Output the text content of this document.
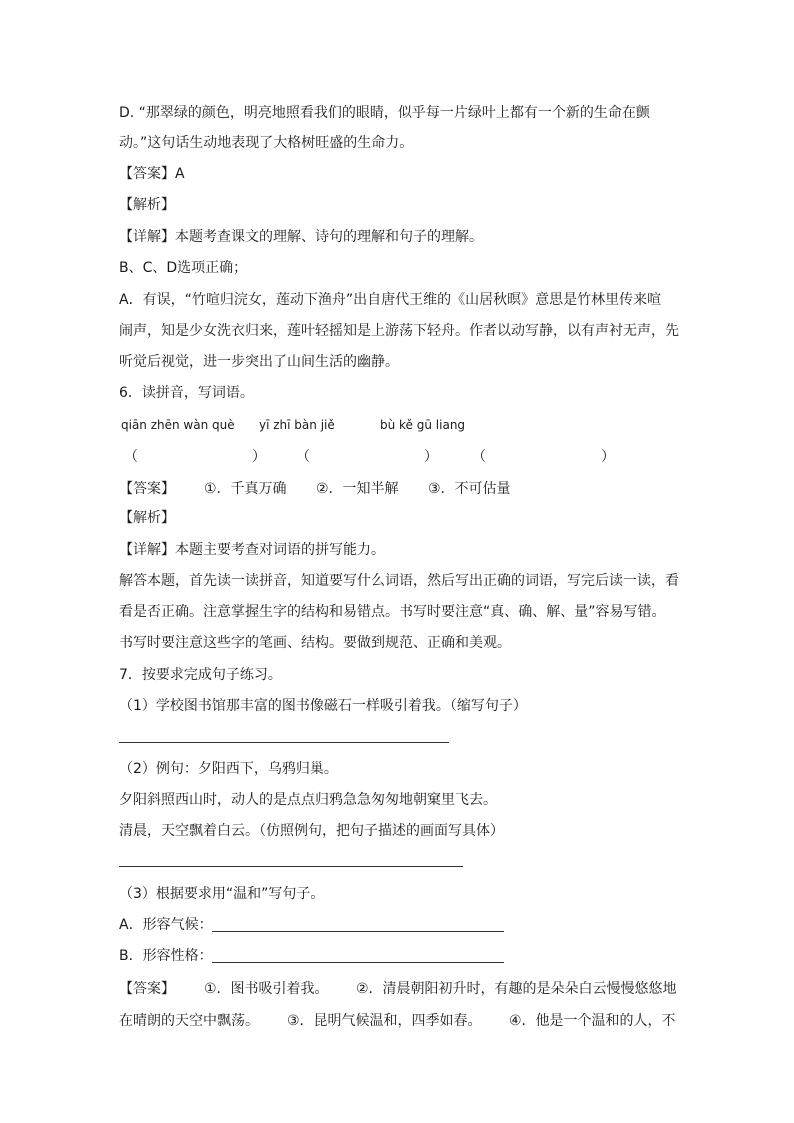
D. “那翠绿的颜色，明亮地照看我们的眼睛，似乎每一片绿叶上都有一个新的生命在颤
动。”这句话生动地表现了大格树旺盛的生命力。
【答案】A
【解析】
【详解】本题考查课文的理解、诗句的理解和句子的理解。
B、C、D选项正确；
A．有误，“竹喧归浣女，莲动下渔舟”出自唐代王维的《山居秋暝》意思是竹林里传来喧
闹声，知是少女洗衣归来，莲叶轻摇知是上游荡下轻舟。作者以动写静，以有声衬无声，先
听觉后视觉，进一步突出了山间生活的幽静。
6．读拼音，写词语。
qiān zhēn wàn què yī zhī bàn jiě	bù kě gū liang
（	） （	） （	）
【答案】 ①．千真万确 ②．一知半解 ③．不可估量
【解析】
【详解】本题主要考查对词语的拼写能力。
解答本题，首先读一读拼音，知道要写什么词语，然后写出正确的词语，写完后读一读，看
看是否正确。注意掌握生字的结构和易错点。书写时要注意“真、确、解、量”容易写错。
书写时要注意这些字的笔画、结构。要做到规范、正确和美观。
7．按要求完成句子练习。
（1）学校图书馆那丰富的图书像磁石一样吸引着我。（缩写句子）
（2）例句：夕阳西下，乌鸦归巢。
夕阳斜照西山时，动人的是点点归鸦急急匆匆地朝窠里飞去。
清晨，天空飘着白云。（仿照例句，把句子描述的画面写具体）
（3）根据要求用“温和”写句子。
A．形容气候：
B．形容性格：
【答案】 ①．图书吸引着我。 ②．清晨朝阳初升时，有趣的是朵朵白云慢慢悠悠地
在晴朗的天空中飘荡。 ③．昆明气候温和，四季如春。 ④．他是一个温和的人，不
